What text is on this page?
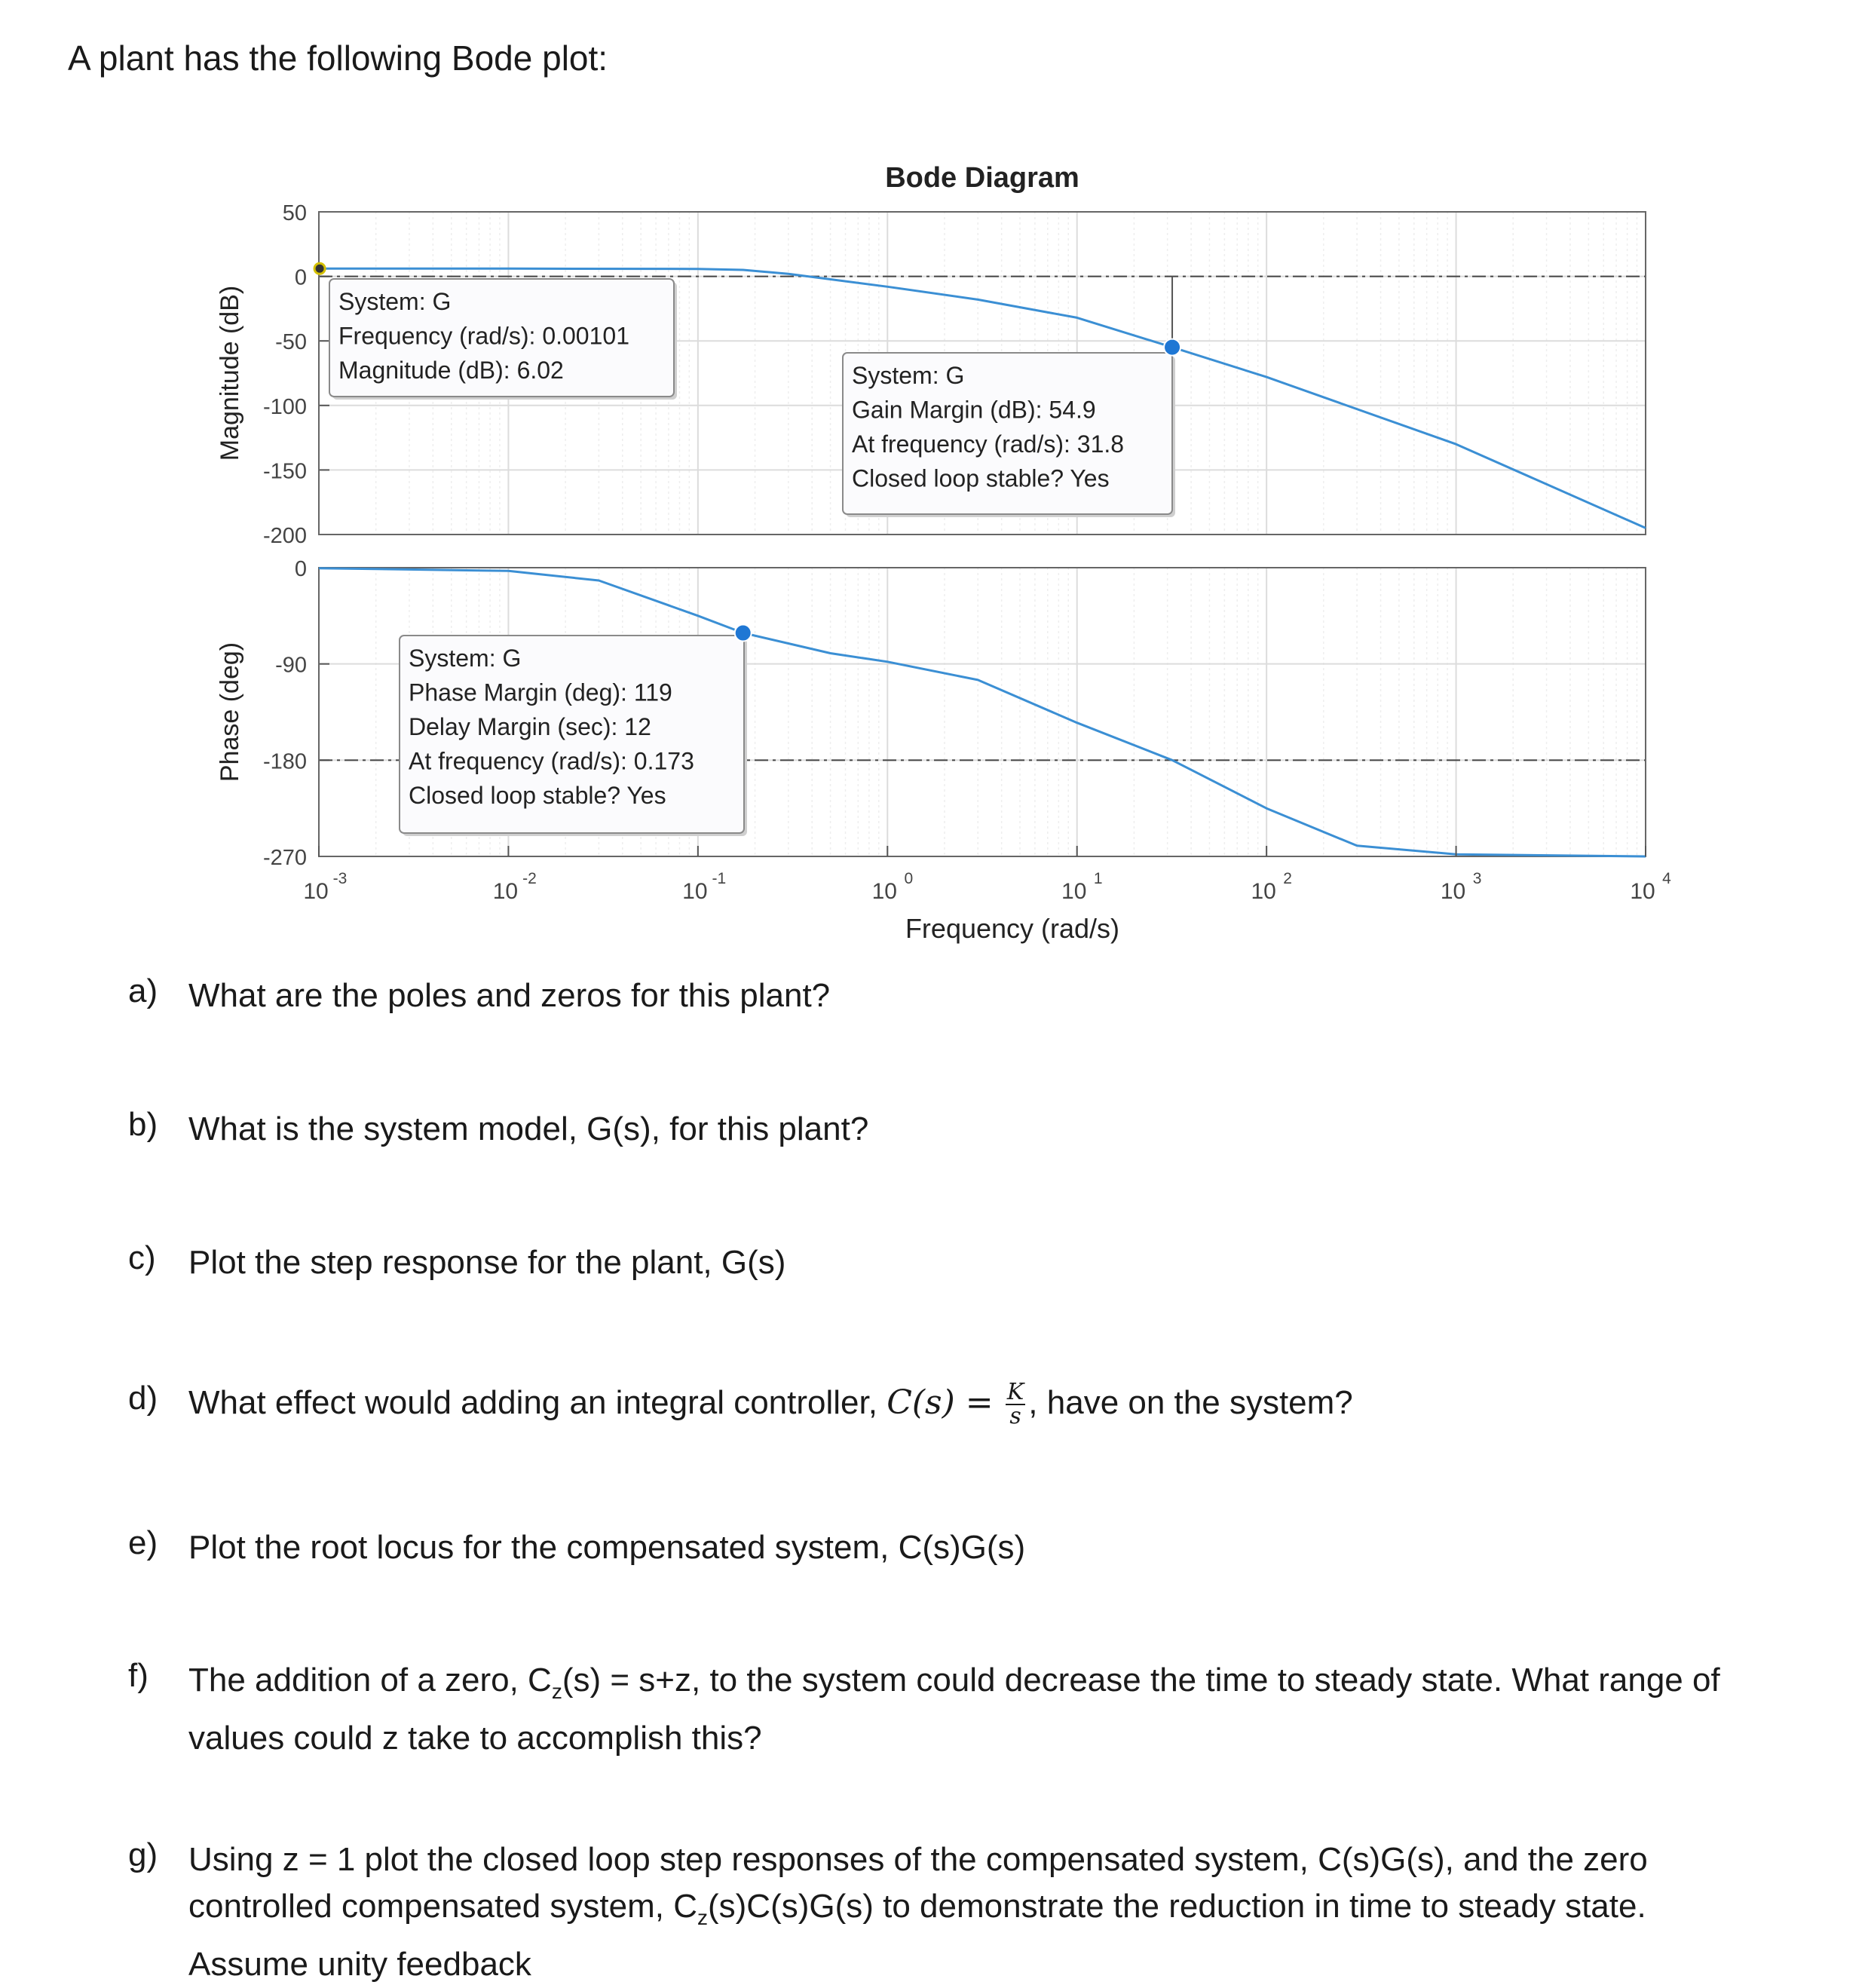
A plant has the following Bode plot:
Bode Diagram
50
0
-50
-100
-150
-200
Magnitude (dB)
0
-90
-180
-270
Phase (deg)
10
-3
10
-2
10
-1
10
0
10
1
10
2
10
3
10
4
Frequency (rad/s)
System: G
Frequency (rad/s): 0.00101
Magnitude (dB): 6.02	System: G
Gain Margin (dB): 54.9
At frequency (rad/s): 31.8
Closed loop stable? Yes
System: G
Phase Margin (deg): 119
Delay Margin (sec): 12
At frequency (rad/s): 0.173
Closed loop stable? Yes
a) What are the poles and zeros for this plant?
b) What is the system model, G(s), for this plant?
c) Plot the step response for the plant, G(s)
d) What effect would adding an integral controller, $C(s) = \frac{K}{s}$ , have on the system?
e) Plot the root locus for the compensated system, C(s)G(s)
f) The addition of a zero, $C_z(s) = s+z$, to the system could decrease the time to steady state. What range of
values could z take to accomplish this?
g) Using z = 1 plot the closed loop step responses of the compensated system, C(s)G(s), and the zero
controlled compensated system, $C_z(s)C(s)G(s)$ to demonstrate the reduction in time to steady state.
Assume unity feedback
